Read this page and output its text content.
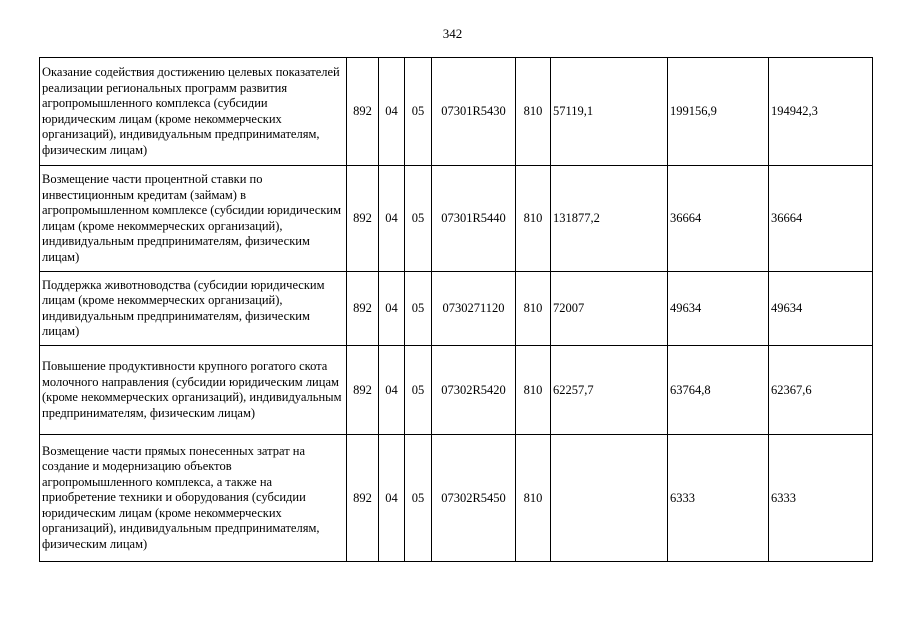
342
Оказание содействия достижению целевых показателей реализации региональных программ развития агропромышленного комплекса (субсидии юридическим лицам (кроме некоммерческих организаций), индивидуальным предпринимателям, физическим лицам)	892	04	05	07301R5430	810	57119,1	199156,9	194942,3
Возмещение части процентной ставки по инвестиционным кредитам (займам) в агропромышленном комплексе (субсидии юридическим лицам (кроме некоммерческих организаций), индивидуальным предпринимателям, физическим лицам)	892	04	05	07301R5440	810	131877,2	36664	36664
Поддержка животноводства (субсидии юридическим лицам (кроме некоммерческих организаций), индивидуальным предпринимателям, физическим лицам)	892	04	05	0730271120	810	72007	49634	49634
Повышение продуктивности крупного рогатого скота молочного направления (субсидии юридическим лицам (кроме некоммерческих организаций), индивидуальным предпринимателям, физическим лицам)	892	04	05	07302R5420	810	62257,7	63764,8	62367,6
Возмещение части прямых понесенных затрат на создание и модернизацию объектов агропромышленного комплекса, а также на приобретение техники и оборудования (субсидии юридическим лицам (кроме некоммерческих организаций), индивидуальным предпринимателям, физическим лицам)	892	04	05	07302R5450	810		6333	6333
